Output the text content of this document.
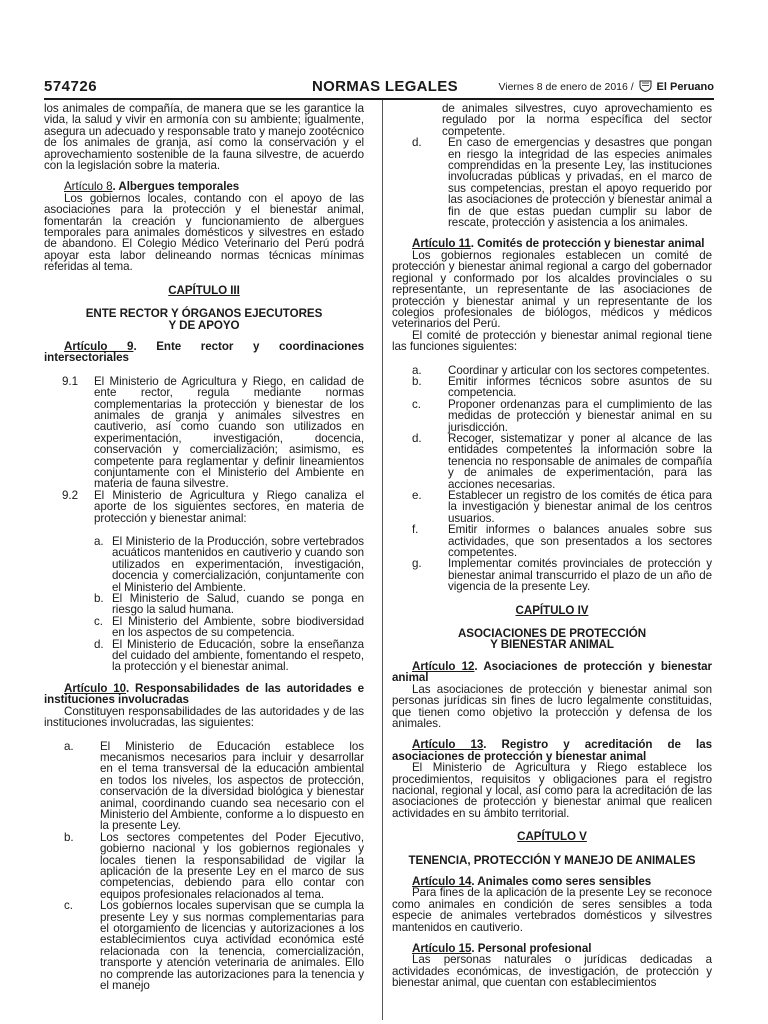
574726	NORMAS LEGALES	Viernes 8 de enero de 2016 / El Peruano

los animales de compañía, de manera que se les garantice la vida, la salud y vivir en armonía con su ambiente; igualmente, asegura un adecuado y responsable trato y manejo zootécnico de los animales de granja, así como la conservación y el aprovechamiento sostenible de la fauna silvestre, de acuerdo con la legislación sobre la materia.

Artículo 8. Albergues temporales

Los gobiernos locales, contando con el apoyo de las asociaciones para la protección y el bienestar animal, fomentarán la creación y funcionamiento de albergues temporales para animales domésticos y silvestres en estado de abandono. El Colegio Médico Veterinario del Perú podrá apoyar esta labor delineando normas técnicas mínimas referidas al tema.

CAPÍTULO III

ENTE RECTOR Y ÓRGANOS EJECUTORES

Y DE APOYO

Artículo 9. Ente rector y coordinaciones intersectoriales

9.1	El Ministerio de Agricultura y Riego, en calidad de ente rector, regula mediante normas complementarias la protección y bienestar de los animales de granja y animales silvestres en cautiverio, así como cuando son utilizados en experimentación, investigación, docencia, conservación y comercialización; asimismo, es competente para reglamentar y definir lineamientos conjuntamente con el Ministerio del Ambiente en materia de fauna silvestre.
9.2	El Ministerio de Agricultura y Riego canaliza el aporte de los siguientes sectores, en materia de protección y bienestar animal:
a. El Ministerio de la Producción, sobre vertebrados acuáticos mantenidos en cautiverio y cuando son utilizados en experimentación, investigación, docencia y comercialización, conjuntamente con el Ministerio del Ambiente.
b. El Ministerio de Salud, cuando se ponga en riesgo la salud humana.
c. El Ministerio del Ambiente, sobre biodiversidad en los aspectos de su competencia.
d. El Ministerio de Educación, sobre la enseñanza del cuidado del ambiente, fomentando el respeto, la protección y el bienestar animal.

Artículo 10. Responsabilidades de las autoridades e instituciones involucradas

Constituyen responsabilidades de las autoridades y de las instituciones involucradas, las siguientes:

a.	El Ministerio de Educación establece los mecanismos necesarios para incluir y desarrollar en el tema transversal de la educación ambiental en todos los niveles, los aspectos de protección, conservación de la diversidad biológica y bienestar animal, coordinando cuando sea necesario con el Ministerio del Ambiente, conforme a lo dispuesto en la presente Ley.
b.	Los sectores competentes del Poder Ejecutivo, gobierno nacional y los gobiernos regionales y locales tienen la responsabilidad de vigilar la aplicación de la presente Ley en el marco de sus competencias, debiendo para ello contar con equipos profesionales relacionados al tema.
c.	Los gobiernos locales supervisan que se cumpla la presente Ley y sus normas complementarias para el otorgamiento de licencias y autorizaciones a los establecimientos cuya actividad económica esté relacionada con la tenencia, comercialización, transporte y atención veterinaria de animales. Ello no comprende las autorizaciones para la tenencia y el manejo

de animales silvestres, cuyo aprovechamiento es regulado por la norma específica del sector competente.

d.	En caso de emergencias y desastres que pongan en riesgo la integridad de las especies animales comprendidas en la presente Ley, las instituciones involucradas públicas y privadas, en el marco de sus competencias, prestan el apoyo requerido por las asociaciones de protección y bienestar animal a fin de que estas puedan cumplir su labor de rescate, protección y asistencia a los animales.

Artículo 11. Comités de protección y bienestar animal

Los gobiernos regionales establecen un comité de protección y bienestar animal regional a cargo del gobernador regional y conformado por los alcaldes provinciales o su representante, un representante de las asociaciones de protección y bienestar animal y un representante de los colegios profesionales de biólogos, médicos y médicos veterinarios del Perú.

El comité de protección y bienestar animal regional tiene las funciones siguientes:

a.	Coordinar y articular con los sectores competentes.
b.	Emitir informes técnicos sobre asuntos de su competencia.
c.	Proponer ordenanzas para el cumplimiento de las medidas de protección y bienestar animal en su jurisdicción.
d.	Recoger, sistematizar y poner al alcance de las entidades competentes la información sobre la tenencia no responsable de animales de compañía y de animales de experimentación, para las acciones necesarias.
e.	Establecer un registro de los comités de ética para la investigación y bienestar animal de los centros usuarios.
f.	Emitir informes o balances anuales sobre sus actividades, que son presentados a los sectores competentes.
g.	Implementar comités provinciales de protección y bienestar animal transcurrido el plazo de un año de vigencia de la presente Ley.

CAPÍTULO IV

ASOCIACIONES DE PROTECCIÓN

Y BIENESTAR ANIMAL

Artículo 12. Asociaciones de protección y bienestar animal

Las asociaciones de protección y bienestar animal son personas jurídicas sin fines de lucro legalmente constituidas, que tienen como objetivo la protección y defensa de los animales.

Artículo 13. Registro y acreditación de las asociaciones de protección y bienestar animal

El Ministerio de Agricultura y Riego establece los procedimientos, requisitos y obligaciones para el registro nacional, regional y local, así como para la acreditación de las asociaciones de protección y bienestar animal que realicen actividades en su ámbito territorial.

CAPÍTULO V

TENENCIA, PROTECCIÓN Y MANEJO DE ANIMALES

Artículo 14. Animales como seres sensibles

Para fines de la aplicación de la presente Ley se reconoce como animales en condición de seres sensibles a toda especie de animales vertebrados domésticos y silvestres mantenidos en cautiverio.

Artículo 15. Personal profesional

Las personas naturales o jurídicas dedicadas a actividades económicas, de investigación, de protección y bienestar animal, que cuentan con establecimientos
